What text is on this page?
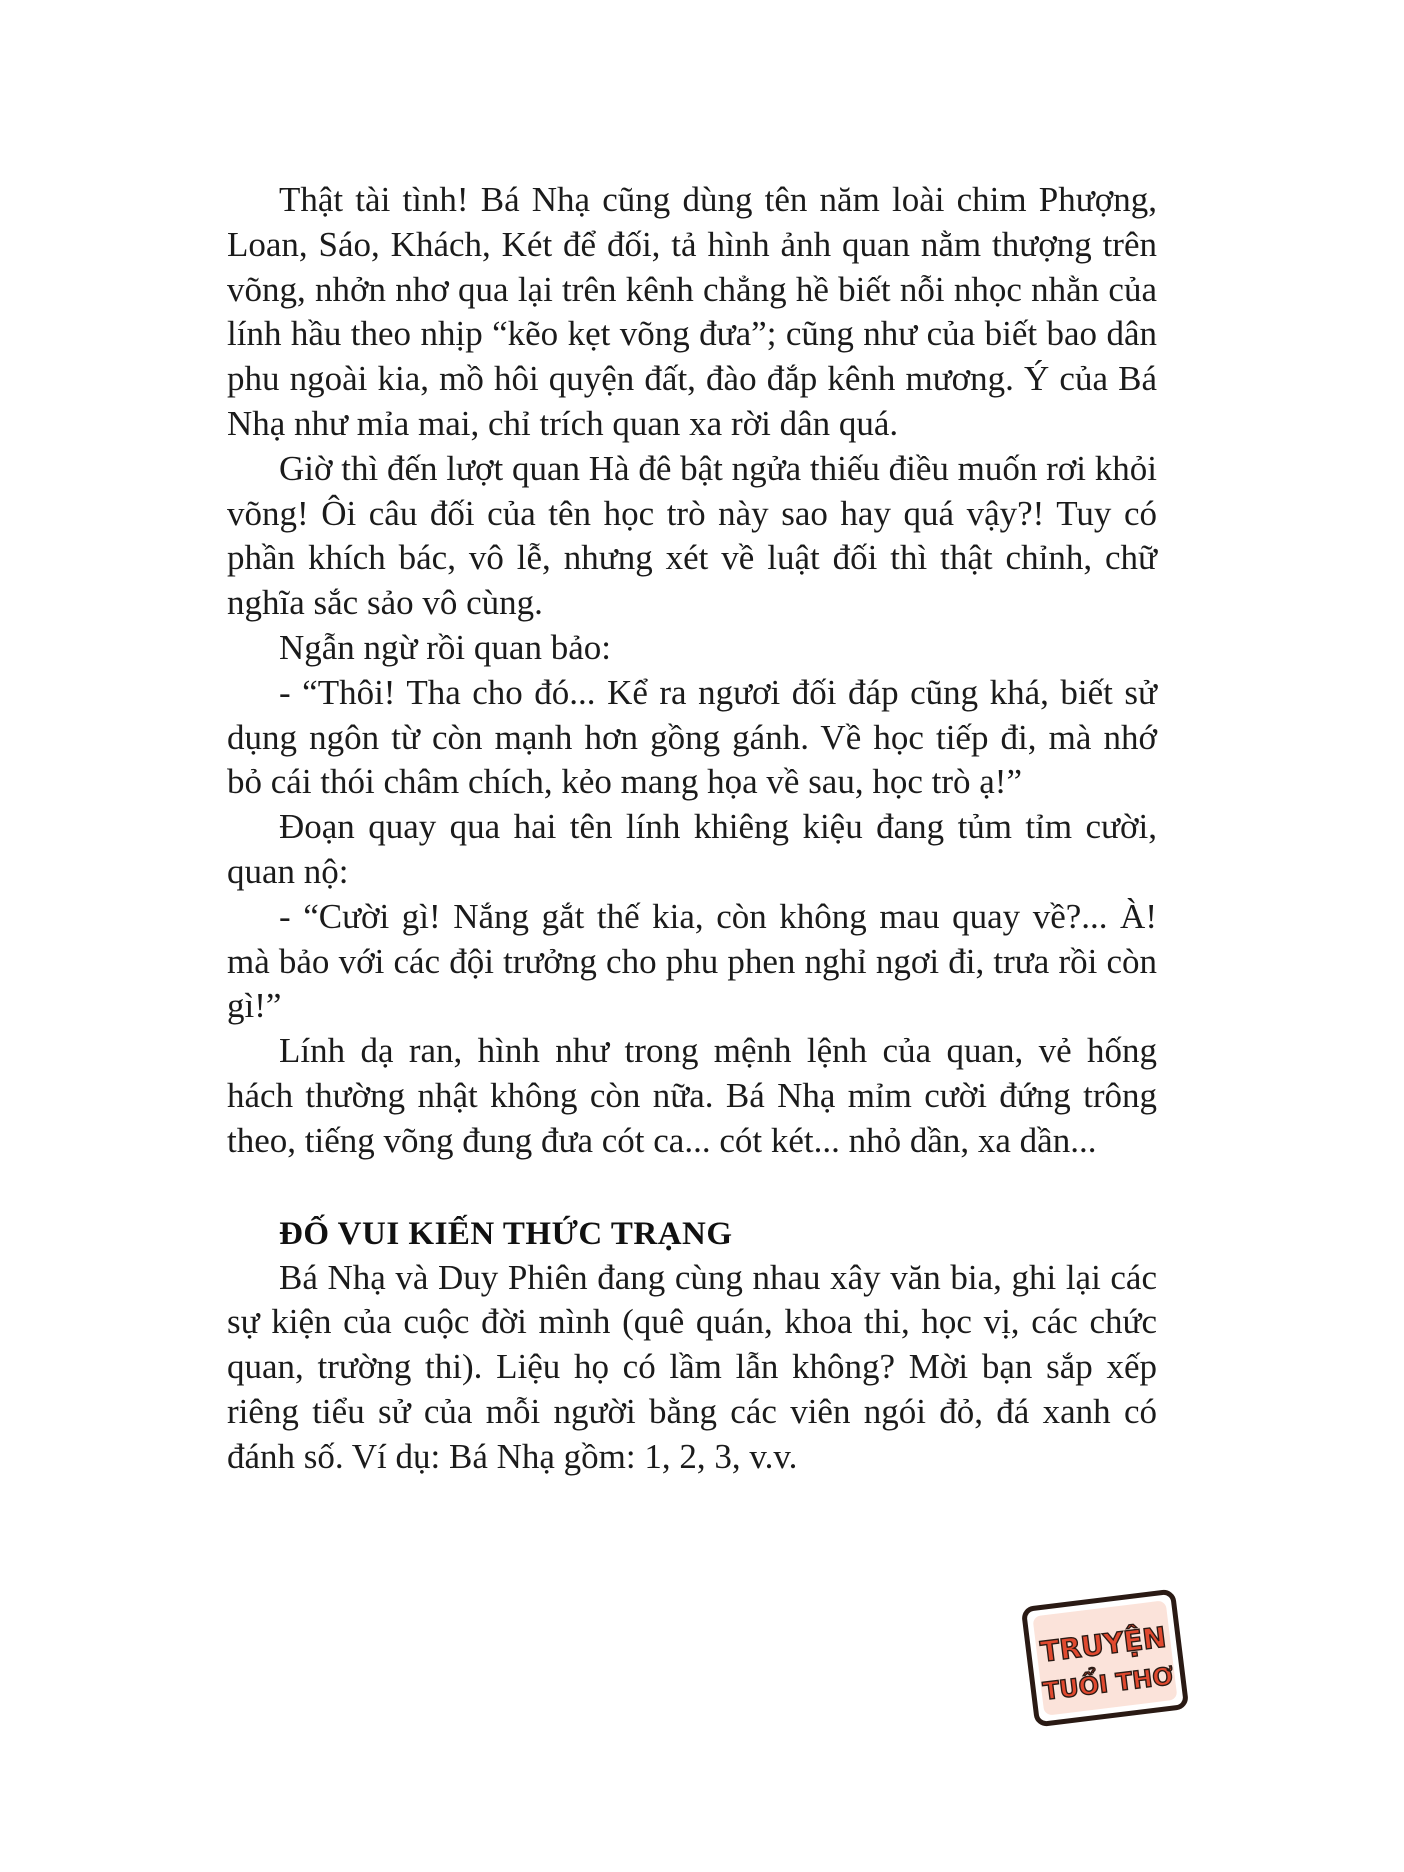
Thật tài tình! Bá Nhạ cũng dùng tên năm loài chim Phượng, Loan, Sáo, Khách, Két để đối, tả hình ảnh quan nằm thượng trên võng, nhởn nhơ qua lại trên kênh chẳng hề biết nỗi nhọc nhằn của lính hầu theo nhịp “kẽo kẹt võng đưa”; cũng như của biết bao dân phu ngoài kia, mồ hôi quyện đất, đào đắp kênh mương. Ý của Bá Nhạ như mỉa mai, chỉ trích quan xa rời dân quá.

Giờ thì đến lượt quan Hà đê bật ngửa thiếu điều muốn rơi khỏi võng! Ôi câu đối của tên học trò này sao hay quá vậy?! Tuy có phần khích bác, vô lễ, nhưng xét về luật đối thì thật chỉnh, chữ nghĩa sắc sảo vô cùng.

Ngẫn ngừ rồi quan bảo:

- “Thôi! Tha cho đó... Kể ra ngươi đối đáp cũng khá, biết sử dụng ngôn từ còn mạnh hơn gồng gánh. Về học tiếp đi, mà nhớ bỏ cái thói châm chích, kẻo mang họa về sau, học trò ạ!”

Đoạn quay qua hai tên lính khiêng kiệu đang tủm tỉm cười, quan nộ:

- “Cười gì! Nắng gắt thế kia, còn không mau quay về?... À! mà bảo với các đội trưởng cho phu phen nghỉ ngơi đi, trưa rồi còn gì!”

Lính dạ ran, hình như trong mệnh lệnh của quan, vẻ hống hách thường nhật không còn nữa. Bá Nhạ mỉm cười đứng trông theo, tiếng võng đung đưa cót ca... cót két... nhỏ dần, xa dần...

ĐỐ VUI KIẾN THỨC TRẠNG

Bá Nhạ và Duy Phiên đang cùng nhau xây văn bia, ghi lại các sự kiện của cuộc đời mình (quê quán, khoa thi, học vị, các chức quan, trường thi). Liệu họ có lầm lẫn không? Mời bạn sắp xếp riêng tiểu sử của mỗi người bằng các viên ngói đỏ, đá xanh có đánh số. Ví dụ: Bá Nhạ gồm: 1, 2, 3, v.v.

TRUYỆN
TUỔI THƠ
